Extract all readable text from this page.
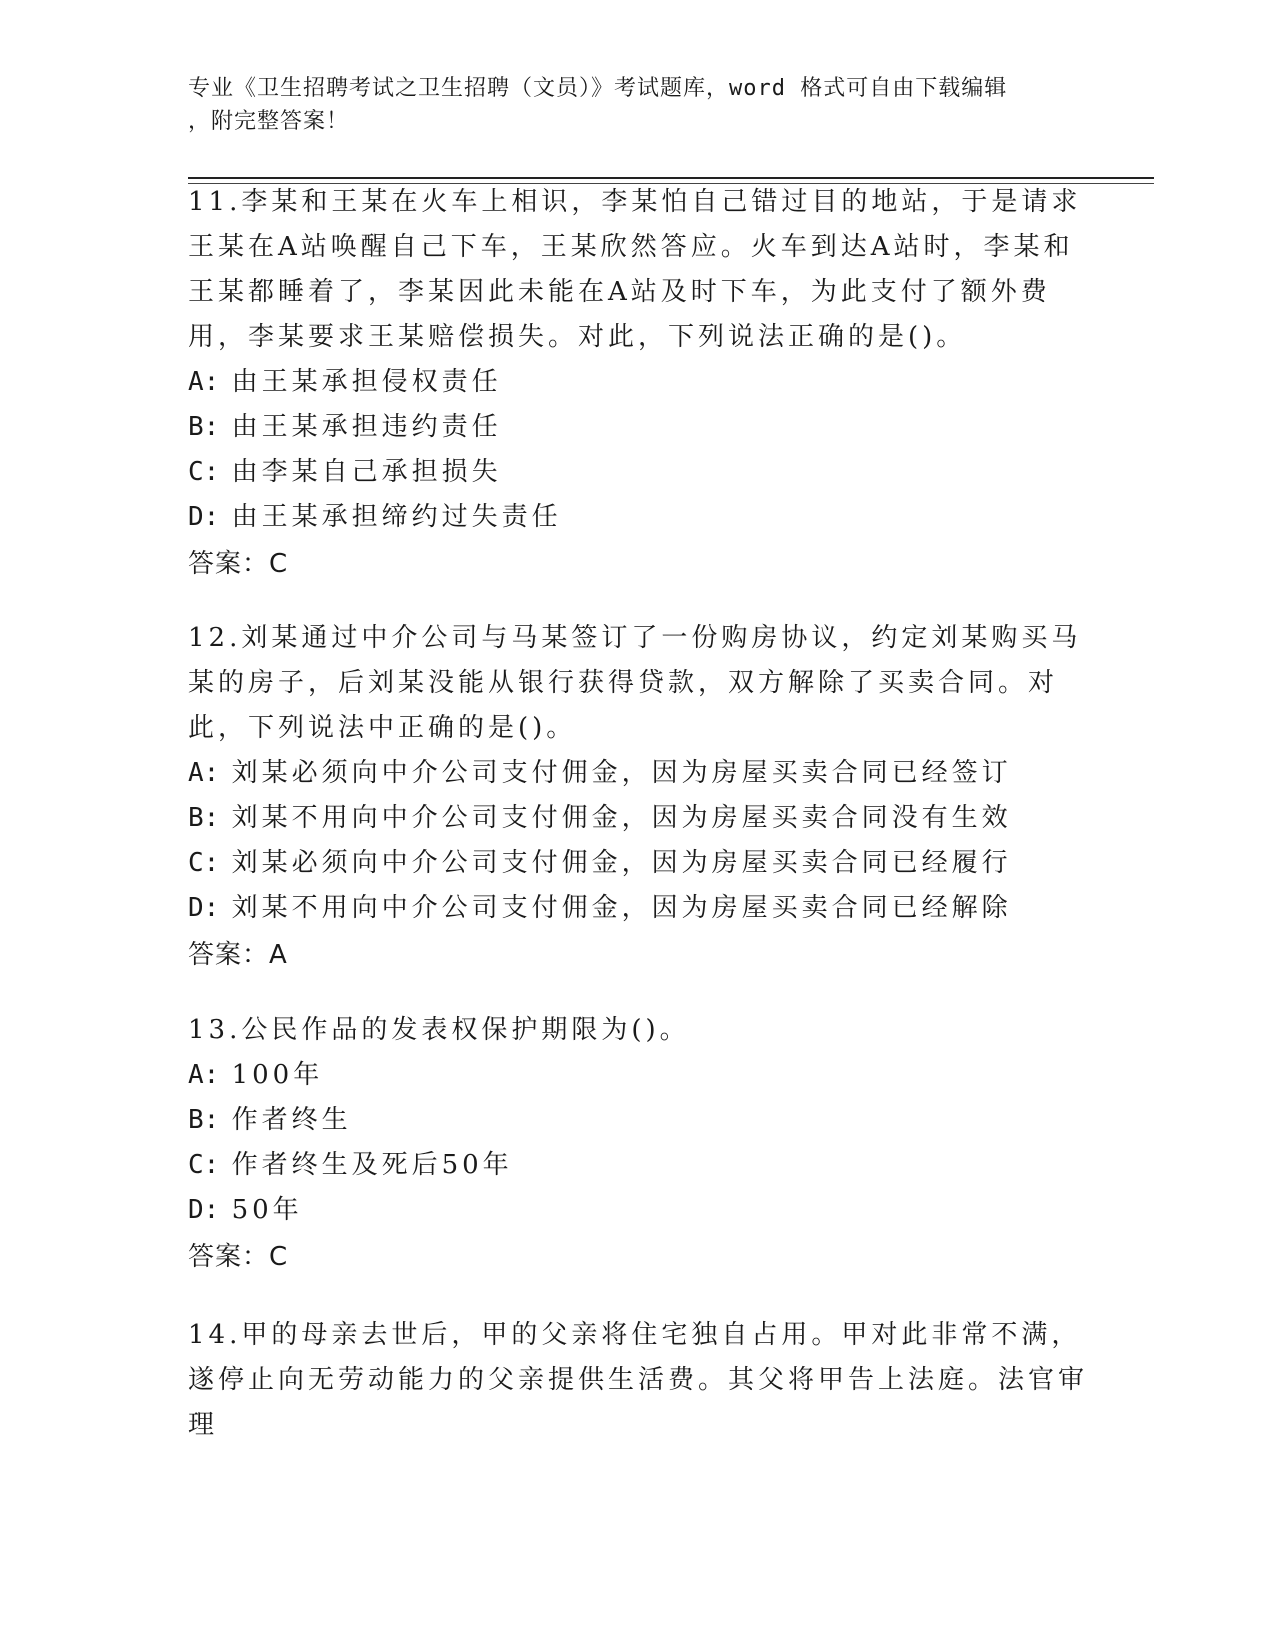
专业《卫生招聘考试之卫生招聘（文员）》考试题库，word 格式可自由下载编辑
，附完整答案！
11.李某和王某在火车上相识，李某怕自己错过目的地站，于是请求王某在A站唤醒自己下车，王某欣然答应。火车到达A站时，李某和王某都睡着了，李某因此未能在A站及时下车，为此支付了额外费用，李某要求王某赔偿损失。对此，下列说法正确的是()。
A: 由王某承担侵权责任
B: 由王某承担违约责任
C: 由李某自己承担损失
D: 由王某承担缔约过失责任
答案：C
12.刘某通过中介公司与马某签订了一份购房协议，约定刘某购买马某的房子，后刘某没能从银行获得贷款，双方解除了买卖合同。对此，下列说法中正确的是()。
A: 刘某必须向中介公司支付佣金，因为房屋买卖合同已经签订
B: 刘某不用向中介公司支付佣金，因为房屋买卖合同没有生效
C: 刘某必须向中介公司支付佣金，因为房屋买卖合同已经履行
D: 刘某不用向中介公司支付佣金，因为房屋买卖合同已经解除
答案：A
13.公民作品的发表权保护期限为()。
A: 100年
B: 作者终生
C: 作者终生及死后50年
D: 50年
答案：C
14.甲的母亲去世后，甲的父亲将住宅独自占用。甲对此非常不满，遂停止向无劳动能力的父亲提供生活费。其父将甲告上法庭。法官审理
